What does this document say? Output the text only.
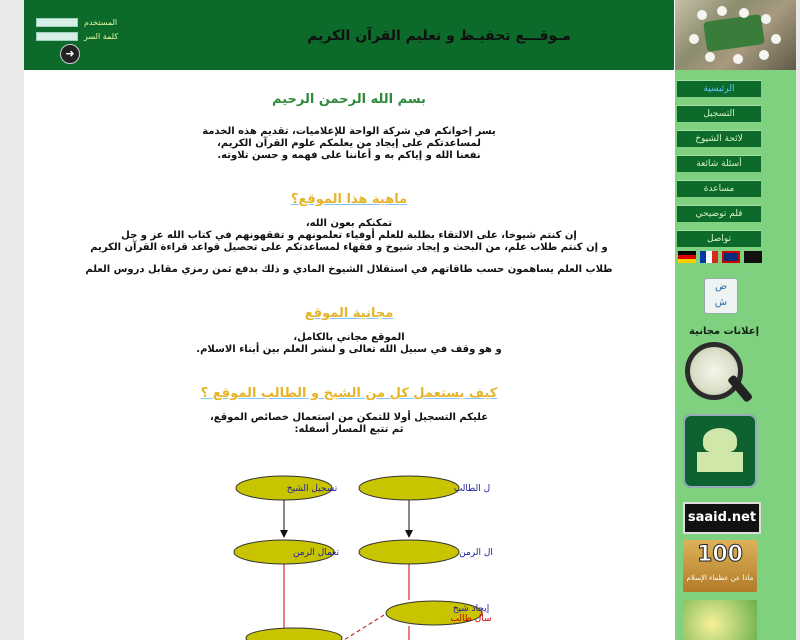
المستخدم
كلمة السر
➜
مـوقـــع تحفيـظ و تعليم القرآن الكريم
بسم الله الرحمن الرحيم
يسر إخوانكم في شركة الواحة للإعلاميات، تقديم هذه الخدمة
لمساعدتكم على إيجاد من يعلمكم علوم القرآن الكريم،
نفعنا الله و إياكم به و أعاننا على فهمه و حسن تلاوته.
ماهية هذا الموقع؟
تمكنكم بعون الله،
إن كنتم شيوخا، على الالتقاء بطلبة للعلم أوفياء تعلمونهم و تفقهونهم في كتاب الله عز و جل
و إن كنتم طلاب علم، من البحث و إيجاد شيوخ و فقهاء لمساعدتكم على تحصيل قواعد قراءة القرآن الكريم
طلاب العلم يساهمون حسب طاقاتهم في استقلال الشيوخ المادي و ذلك بدفع ثمن رمزي مقابل دروس العلم
مجانية الموقع
الموقع مجاني بالكامل،
و هو وقف في سبيل الله تعالى و لنشر العلم بين أبناء الاسلام.
كيف يستعمل كل من الشيخ و الطالب الموقع ؟
عليكم التسجيل أولا للتمكن من استعمال خصائص الموقع،
ثم تتبع المسار أسفله:
تسجيل الشيخ	ل الطالب
تعمال الرمن	ال الرمن
إيجاد شيخ
سأل طالب
الرئيسية
التسجيل
لائحة الشيوخ
أسئلة شائعة
مساعدة
فلم توضيحي
تواصل
ض
ش
إعلانات مجانية
saaid.net
100
ماذا عن عظماء الإسلام
